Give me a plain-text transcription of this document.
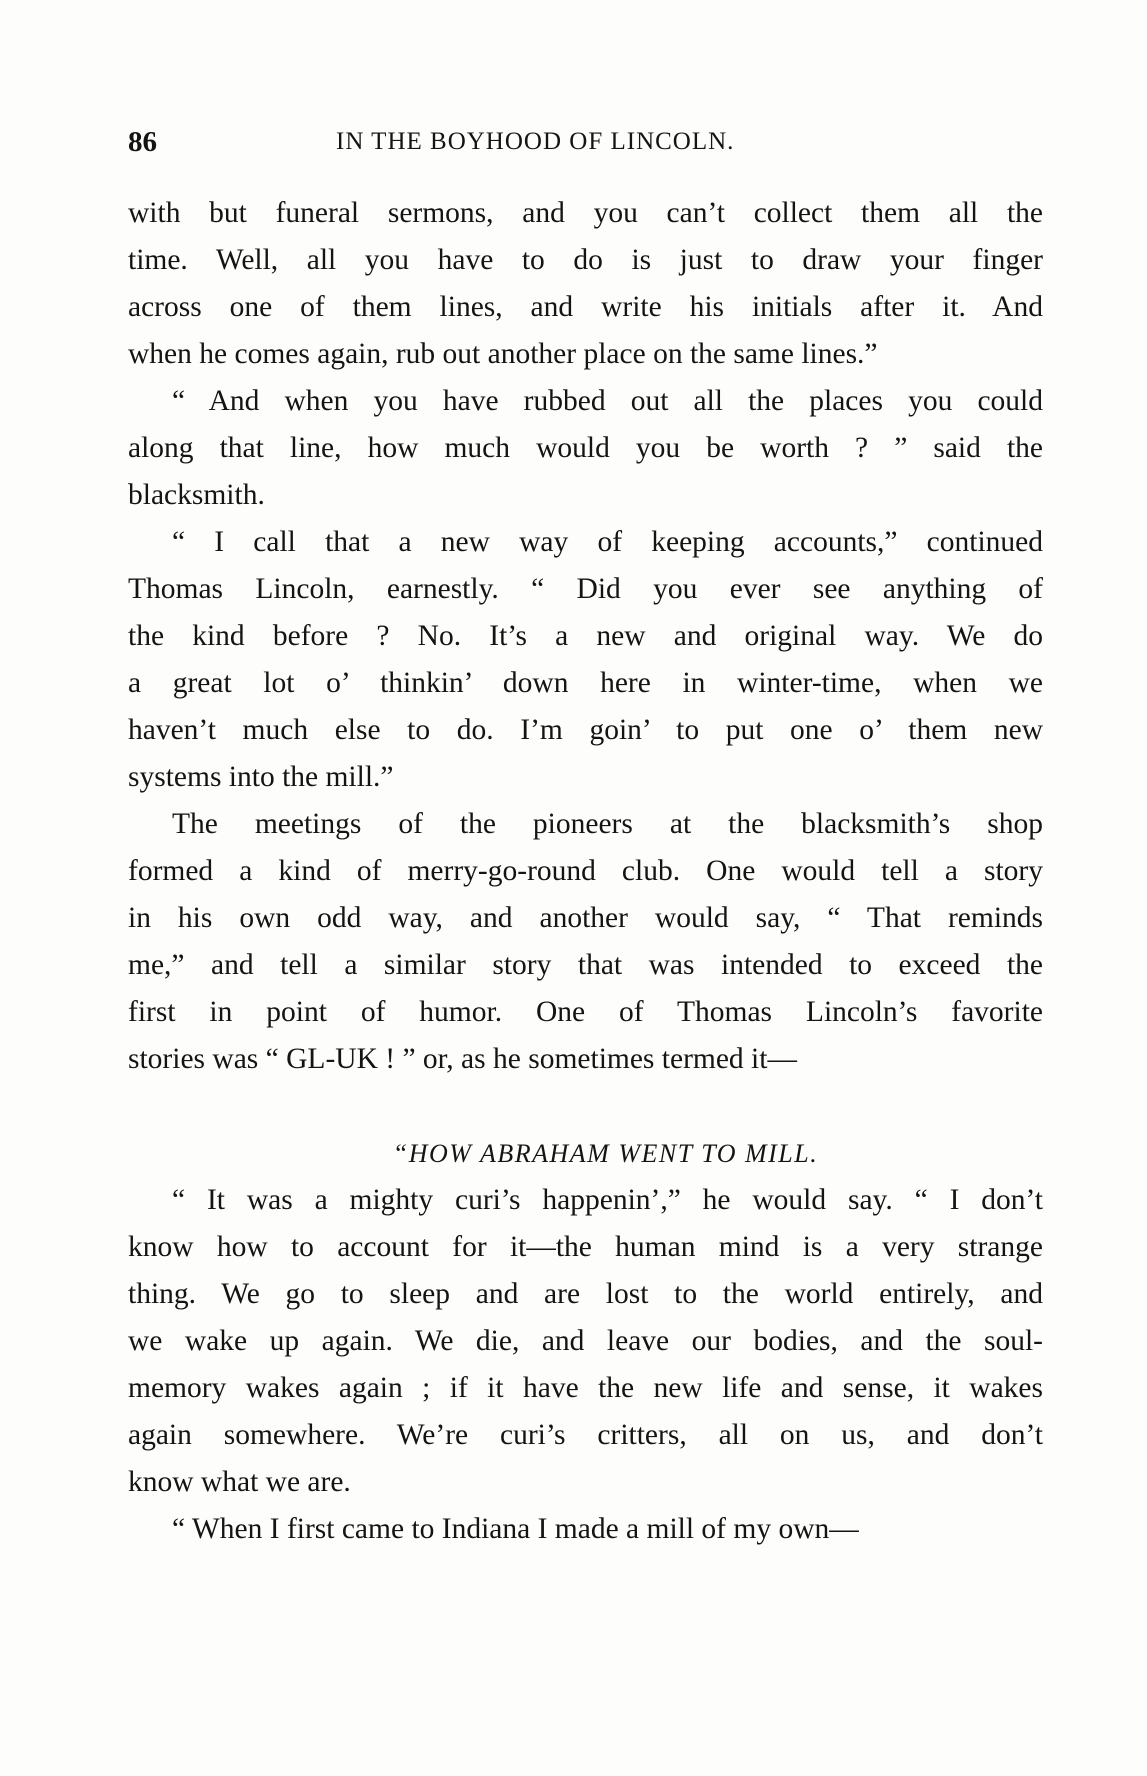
86	IN THE BOYHOOD OF LINCOLN.
with but funeral sermons, and you can’t collect them all the
time. Well, all you have to do is just to draw your finger
across one of them lines, and write his initials after it. And
when he comes again, rub out another place on the same lines.”
“ And when you have rubbed out all the places you could
along that line, how much would you be worth ? ” said the
blacksmith.
“ I call that a new way of keeping accounts,” continued
Thomas Lincoln, earnestly. “ Did you ever see anything of
the kind before ? No. It’s a new and original way. We do
a great lot o’ thinkin’ down here in winter-time, when we
haven’t much else to do. I’m goin’ to put one o’ them new
systems into the mill.”
The meetings of the pioneers at the blacksmith’s shop
formed a kind of merry-go-round club. One would tell a story
in his own odd way, and another would say, “ That reminds
me,” and tell a similar story that was intended to exceed the
first in point of humor. One of Thomas Lincoln’s favorite
stories was “ GL-UK ! ” or, as he sometimes termed it—
“HOW ABRAHAM WENT TO MILL.
“ It was a mighty curi’s happenin’,” he would say. “ I don’t
know how to account for it—the human mind is a very strange
thing. We go to sleep and are lost to the world entirely, and
we wake up again. We die, and leave our bodies, and the soul-
memory wakes again ; if it have the new life and sense, it wakes
again somewhere. We’re curi’s critters, all on us, and don’t
know what we are.
“ When I first came to Indiana I made a mill of my own—
